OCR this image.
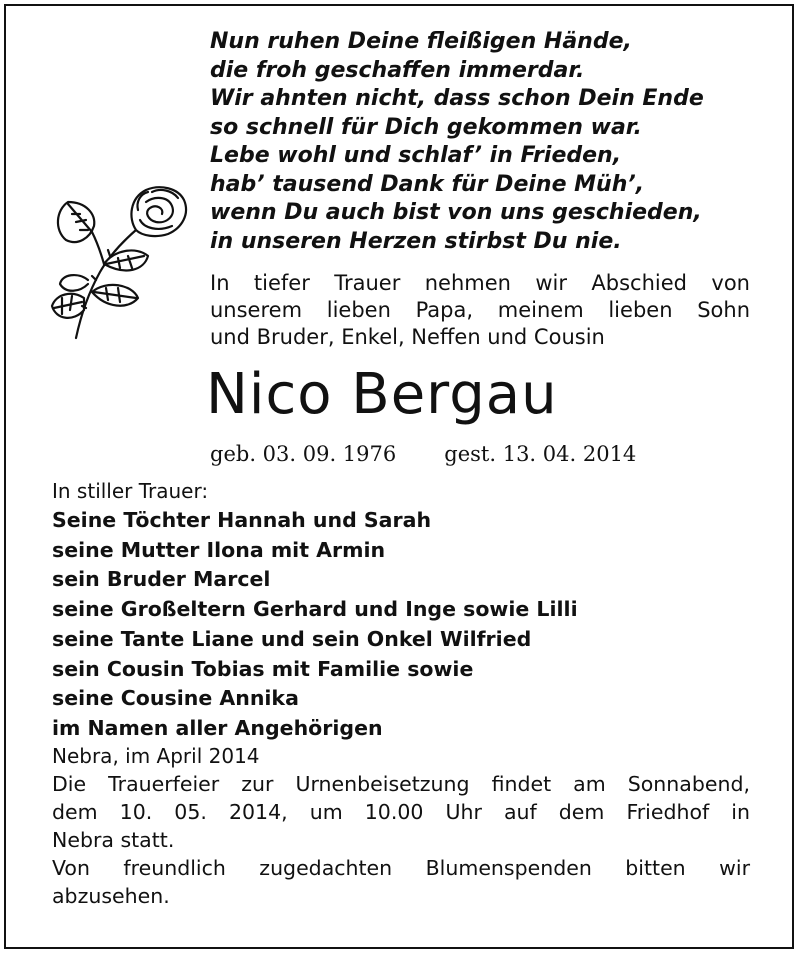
Nun ruhen Deine fleißigen Hände,
die froh geschaffen immerdar.
Wir ahnten nicht, dass schon Dein Ende
so schnell für Dich gekommen war.
Lebe wohl und schlaf’ in Frieden,
hab’ tausend Dank für Deine Müh’,
wenn Du auch bist von uns geschieden,
in unseren Herzen stirbst Du nie.
In tiefer Trauer nehmen wir Abschied von
unserem lieben Papa, meinem lieben Sohn
und Bruder, Enkel, Neffen und Cousin
Nico Bergau
geb. 03. 09. 1976 gest. 13. 04. 2014
In stiller Trauer:
Seine Töchter Hannah und Sarah
seine Mutter Ilona mit Armin
sein Bruder Marcel
seine Großeltern Gerhard und Inge sowie Lilli
seine Tante Liane und sein Onkel Wilfried
sein Cousin Tobias mit Familie sowie
seine Cousine Annika
im Namen aller Angehörigen
Nebra, im April 2014
Die Trauerfeier zur Urnenbeisetzung findet am Sonnabend,
dem 10. 05. 2014, um 10.00 Uhr auf dem Friedhof in
Nebra statt.
Von freundlich zugedachten Blumenspenden bitten wir
abzusehen.
